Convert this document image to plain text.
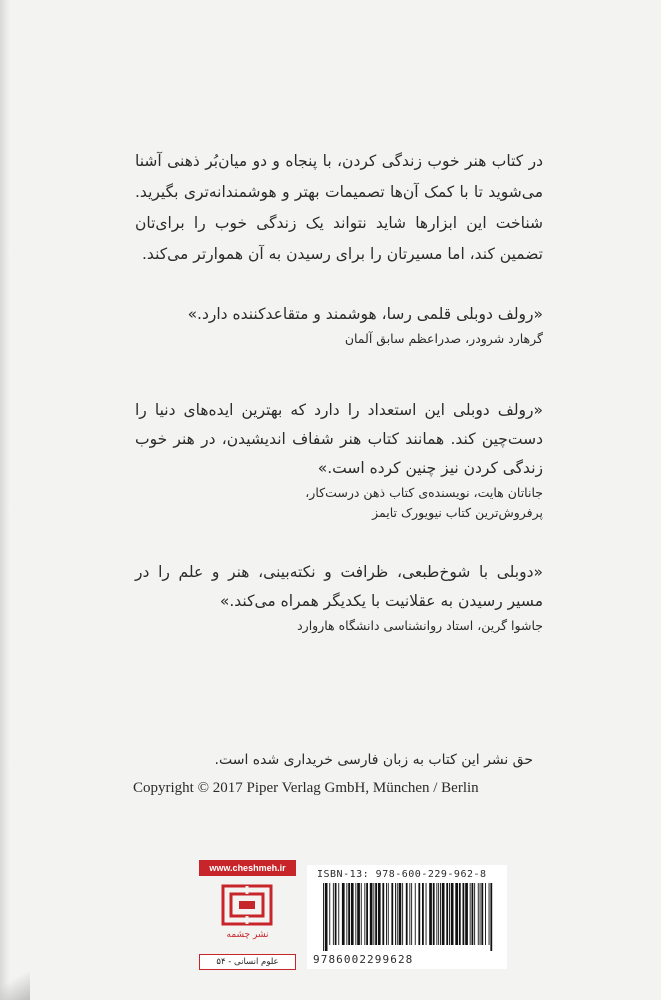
در کتاب هنر خوب زندگی کردن، با پنجاه و دو میان‌بُر ذهنی آشنا می‌شوید تا با کمک آن‌ها تصمیمات بهتر و هوشمندانه‌تری بگیرید. شناخت این ابزارها شاید نتواند یک زندگی خوب را برای‌تان تضمین کند، اما مسیرتان را برای رسیدن به آن هموارتر می‌کند.
«رولف دوبلی قلمی رسا، هوشمند و متقاعدکننده دارد.»

گرهارد شرودر، صدراعظم سابق آلمان

«رولف دوبلی این استعداد را دارد که بهترین ایده‌های دنیا را دست‌چین کند. همانند کتاب هنر شفاف اندیشیدن، در هنر خوب زندگی کردن نیز چنین کرده است.»

جاناتان هایت، نویسنده‌ی کتاب ذهن درست‌کار،

پرفروش‌ترین کتاب نیویورک تایمز

«دوبلی با شوخ‌طبعی، ظرافت و نکته‌بینی، هنر و علم را در مسیر رسیدن به عقلانیت با یکدیگر همراه می‌کند.»

جاشوا گرین، استاد روانشناسی دانشگاه هاروارد

حق نشر این کتاب به زبان فارسی خریداری شده است.
Copyright © 2017 Piper Verlag GmbH, München / Berlin
www.cheshmeh.ir
نشر چشمه
علوم انسانی - ۵۴
ISBN-13: 978-600-229-962-8
9786002299628
